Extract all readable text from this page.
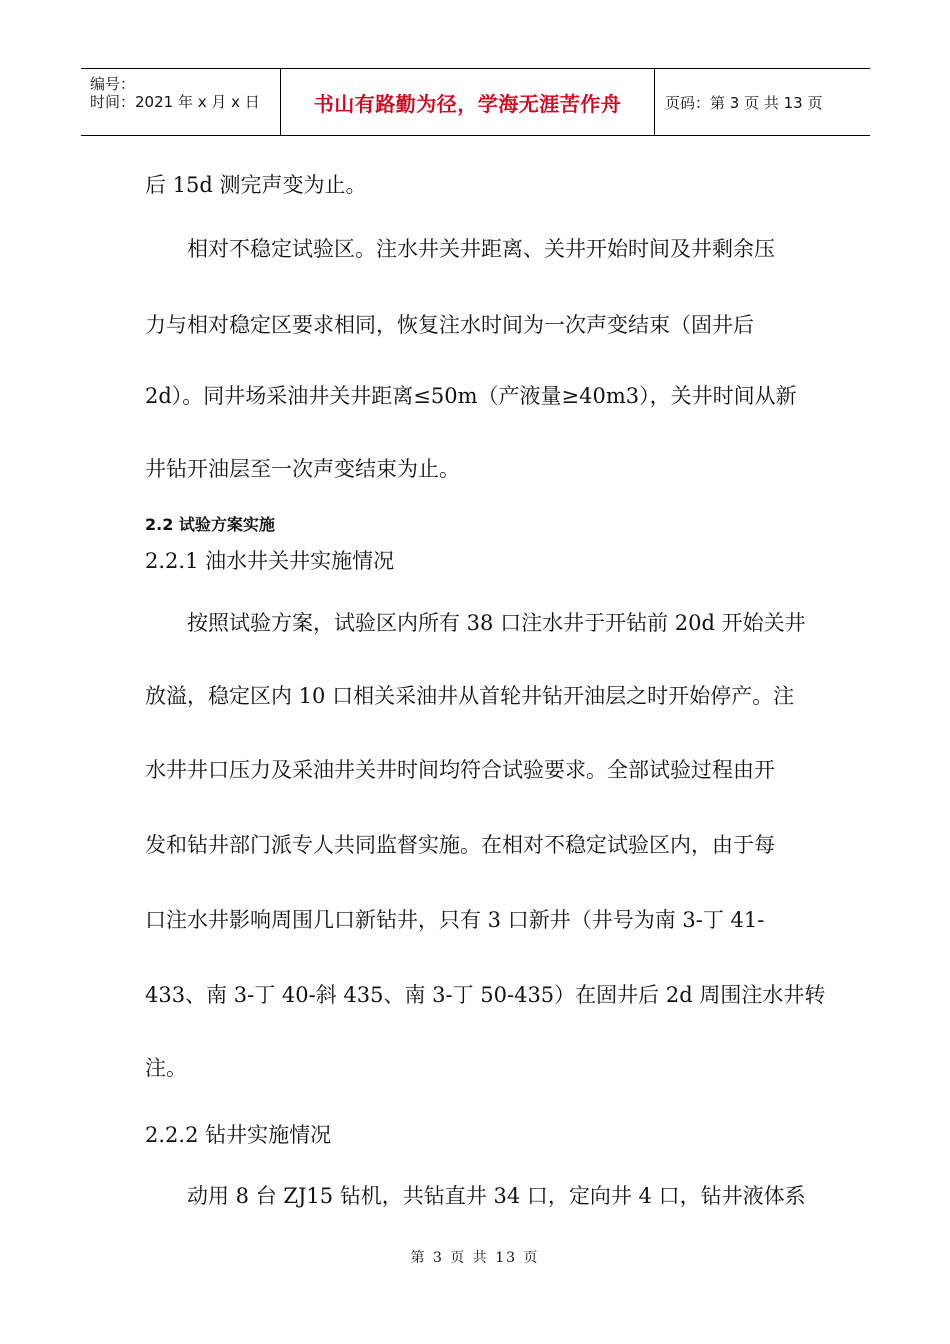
编号：
时间：2021 年 x 月 x 日	书山有路勤为径，学海无涯苦作舟	页码：第 3 页 共 13 页
后 15d 测完声变为止。
相对不稳定试验区。注水井关井距离、关井开始时间及井剩余压
力与相对稳定区要求相同，恢复注水时间为一次声变结束（固井后
2d）。同井场采油井关井距离≤50m（产液量≥40m3），关井时间从新
井钻开油层至一次声变结束为止。
2.2 试验方案实施
2.2.1 油水井关井实施情况
按照试验方案，试验区内所有 38 口注水井于开钻前 20d 开始关井
放溢，稳定区内 10 口相关采油井从首轮井钻开油层之时开始停产。注
水井井口压力及采油井关井时间均符合试验要求。全部试验过程由开
发和钻井部门派专人共同监督实施。在相对不稳定试验区内，由于每
口注水井影响周围几口新钻井，只有 3 口新井（井号为南 3-丁 41-
433、南 3-丁 40-斜 435、南 3-丁 50-435）在固井后 2d 周围注水井转
注。
2.2.2 钻井实施情况
动用 8 台 ZJ15 钻机，共钻直井 34 口，定向井 4 口，钻井液体系
第 3 页 共 13 页
